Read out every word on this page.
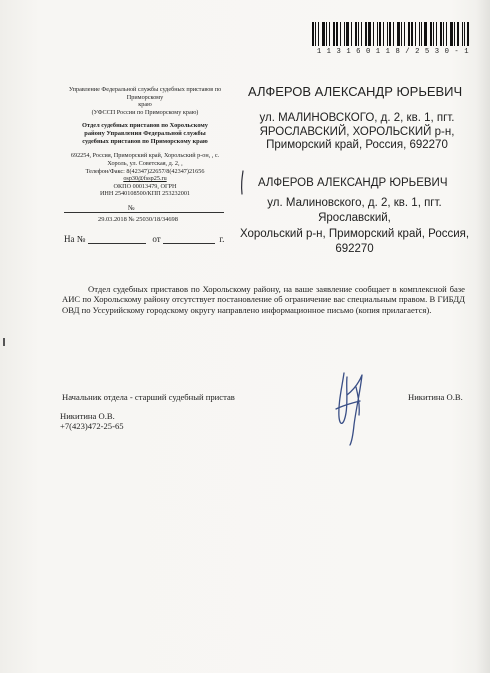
1 1 3 1 6 0 1 1 8 / 2 5 3 0 - 1
Управление Федеральной службы судебных приставов по
Приморскому
краю
(УФССП России по Приморскому краю)
Отдел судебных приставов по Хорольскому
району Управления Федеральной службы
судебных приставов по Приморскому краю
692254, Россия, Приморский край, Хорольский р-он, , с.
Хороль, ул. Советская, д. 2, ,
Телефон/Факс: 8(42347)22657/8(42347)21656
osp30@fssp25.ru
ОКПО 00013479, ОГРН
ИНН 2540108500/КПП 253232001
№
29.03.2018 № 25030/18/34698
На №	от	г.
АЛФЕРОВ АЛЕКСАНДР ЮРЬЕВИЧ
ул. МАЛИНОВСКОГО, д. 2, кв. 1, пгт.
ЯРОСЛАВСКИЙ, ХОРОЛЬСКИЙ р-н,
Приморский край, Россия, 692270
АЛФЕРОВ АЛЕКСАНДР ЮРЬЕВИЧ
ул. Малиновского, д. 2, кв. 1, пгт. Ярославский,
Хорольский р-н, Приморский край, Россия,
692270
Отдел судебных приставов по Хорольскому району, на ваше заявление сообщает в комплексной базе АИС по Хорольскому району отсутствует постановление об ограничение вас специальным правом. В ГИБДД ОВД по Уссурийскому городскому округу направлено информационное письмо (копия прилагается).
Начальник отдела - старший судебный пристав	Никитина О.В.
Никитина О.В.
+7(423)472-25-65
